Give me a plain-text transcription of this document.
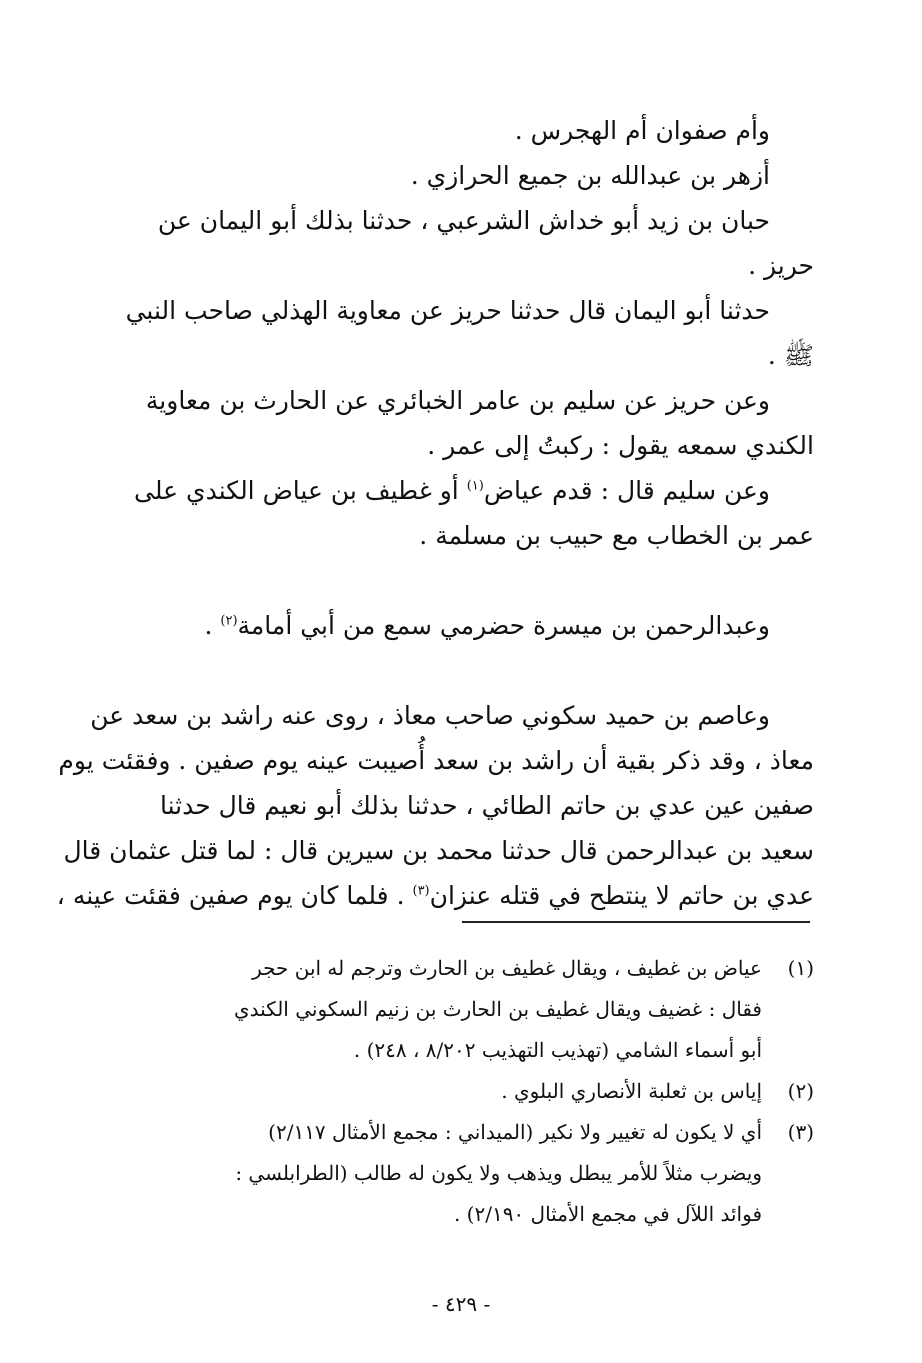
وأم صفوان أم الهجرس .
أزهر بن عبدالله بن جميع الحرازي .
حبان بن زيد أبو خداش الشرعبي ، حدثنا بذلك أبو اليمان عن
حريز .
حدثنا أبو اليمان قال حدثنا حريز عن معاوية الهذلي صاحب النبي
ﷺ .
وعن حريز عن سليم بن عامر الخبائري عن الحارث بن معاوية
الكندي سمعه يقول : ركبتُ إلى عمر .
وعن سليم قال : قدم عياض$^{(١)}$ أو غطيف بن عياض الكندي على
عمر بن الخطاب مع حبيب بن مسلمة .
وعبدالرحمن بن ميسرة حضرمي سمع من أبي أمامة$^{(٢)}$ .
وعاصم بن حميد سكوني صاحب معاذ ، روى عنه راشد بن سعد عن
معاذ ، وقد ذكر بقية أن راشد بن سعد أُصيبت عينه يوم صفين . وفقئت يوم
صفين عين عدي بن حاتم الطائي ، حدثنا بذلك أبو نعيم قال حدثنا
سعيد بن عبدالرحمن قال حدثنا محمد بن سيرين قال : لما قتل عثمان قال
عدي بن حاتم لا ينتطح في قتله عنزان$^{(٣)}$ . فلما كان يوم صفين فقئت عينه ،
(١)
عياض بن غطيف ، ويقال غطيف بن الحارث وترجم له ابن حجر
فقال : غضيف ويقال غطيف بن الحارث بن زنيم السكوني الكندي
أبو أسماء الشامي (تهذيب التهذيب ٨/٢٠٢ ، ٢٤٨) .
(٢)
إياس بن ثعلبة الأنصاري البلوي .
(٣)
أي لا يكون له تغيير ولا نكير (الميداني : مجمع الأمثال ٢/١١٧)
ويضرب مثلاً للأمر يبطل ويذهب ولا يكون له طالب (الطرابلسي :
فوائد اللآل في مجمع الأمثال ٢/١٩٠) .
- ٤٢٩ -
